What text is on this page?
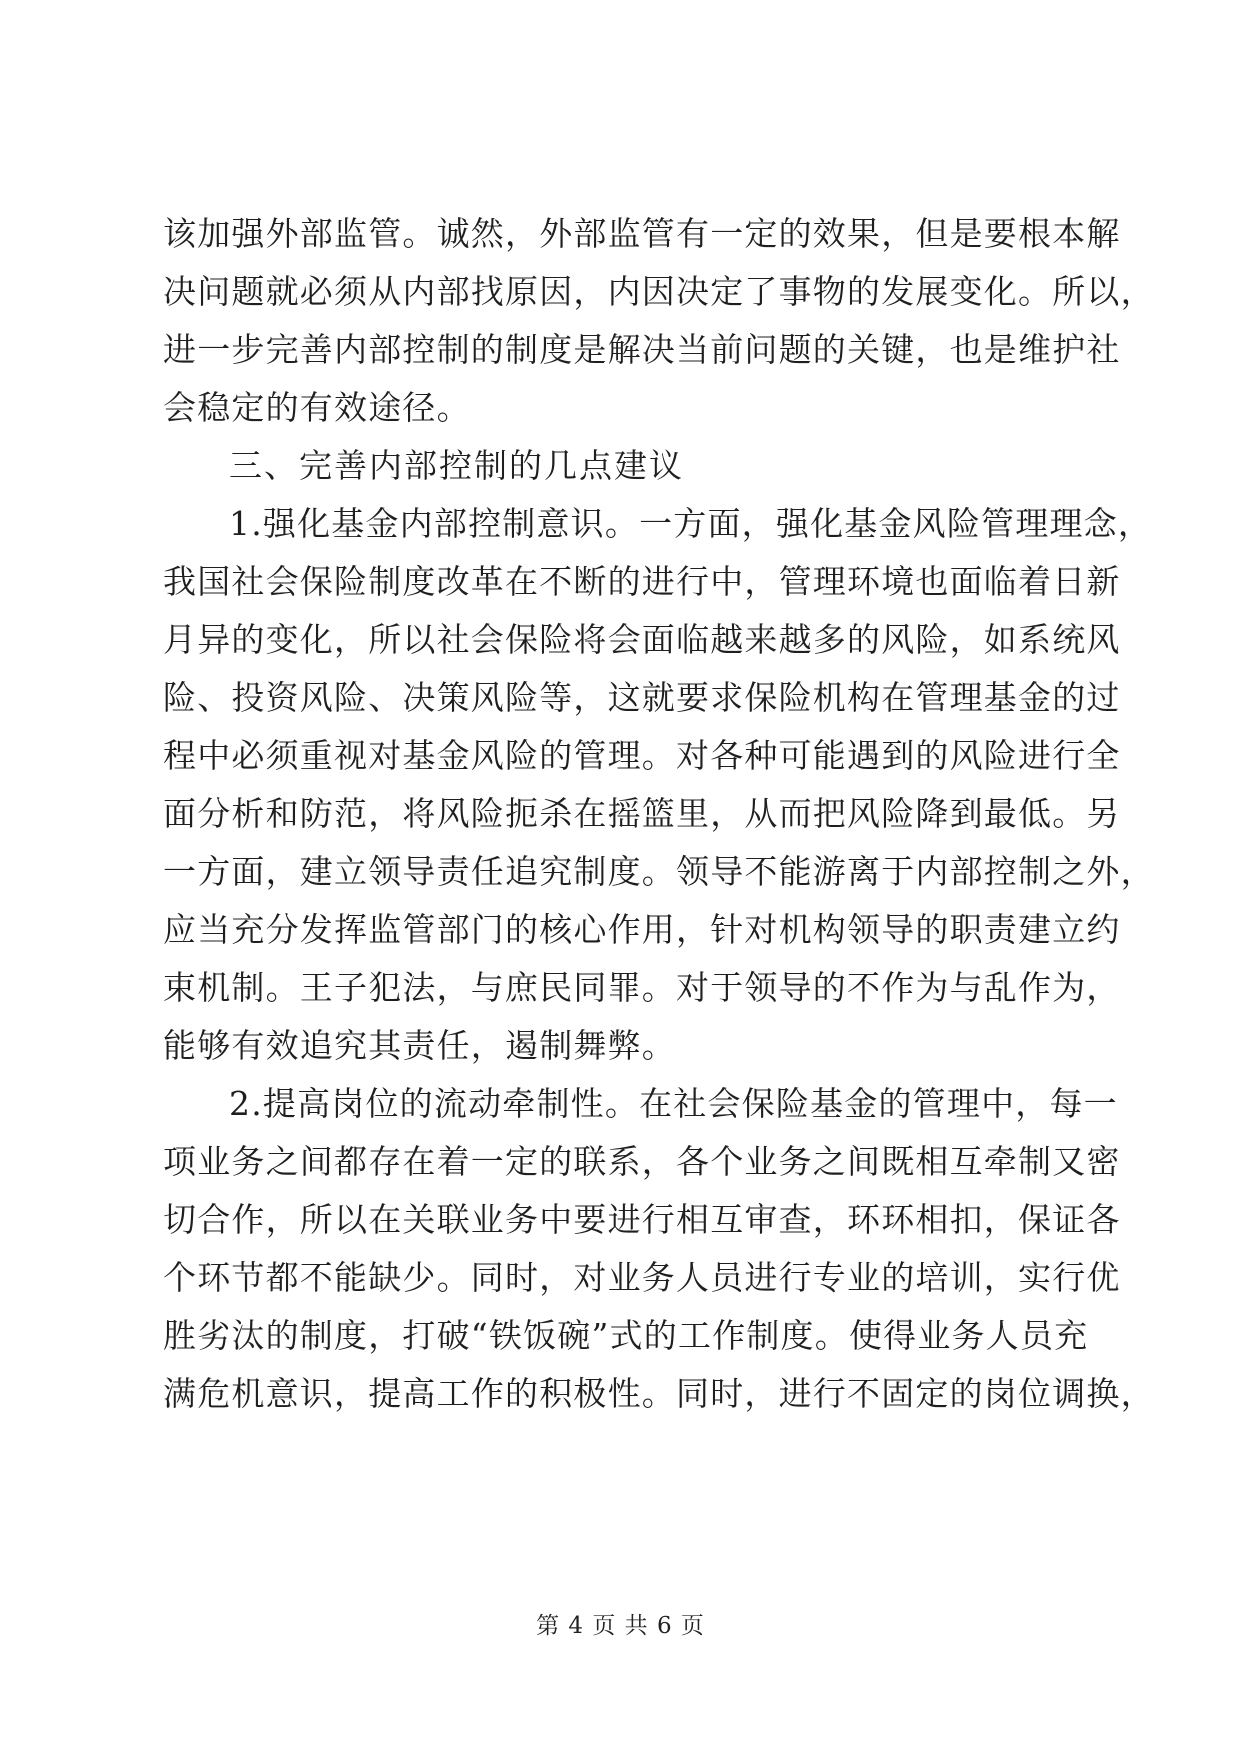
该加强外部监管。诚然，外部监管有一定的效果，但是要根本解
决问题就必须从内部找原因，内因决定了事物的发展变化。所以，
进一步完善内部控制的制度是解决当前问题的关键，也是维护社
会稳定的有效途径。
三、完善内部控制的几点建议
1.强化基金内部控制意识。一方面，强化基金风险管理理念，
我国社会保险制度改革在不断的进行中，管理环境也面临着日新
月异的变化，所以社会保险将会面临越来越多的风险，如系统风
险、投资风险、决策风险等，这就要求保险机构在管理基金的过
程中必须重视对基金风险的管理。对各种可能遇到的风险进行全
面分析和防范，将风险扼杀在摇篮里，从而把风险降到最低。另
一方面，建立领导责任追究制度。领导不能游离于内部控制之外，
应当充分发挥监管部门的核心作用，针对机构领导的职责建立约
束机制。王子犯法，与庶民同罪。对于领导的不作为与乱作为，
能够有效追究其责任，遏制舞弊。
2.提高岗位的流动牵制性。在社会保险基金的管理中，每一
项业务之间都存在着一定的联系，各个业务之间既相互牵制又密
切合作，所以在关联业务中要进行相互审查，环环相扣，保证各
个环节都不能缺少。同时，对业务人员进行专业的培训，实行优
胜劣汰的制度，打破“铁饭碗”式的工作制度。使得业务人员充
满危机意识，提高工作的积极性。同时，进行不固定的岗位调换，
第 4 页 共 6 页
